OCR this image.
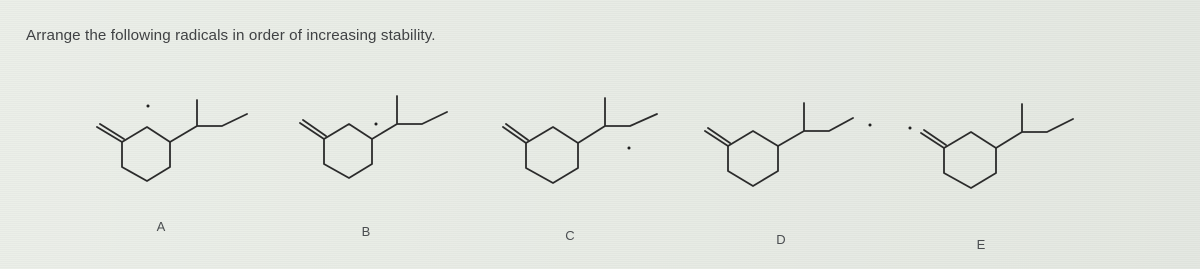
Arrange the following radicals in order of increasing stability.
A	B	C	D	E
